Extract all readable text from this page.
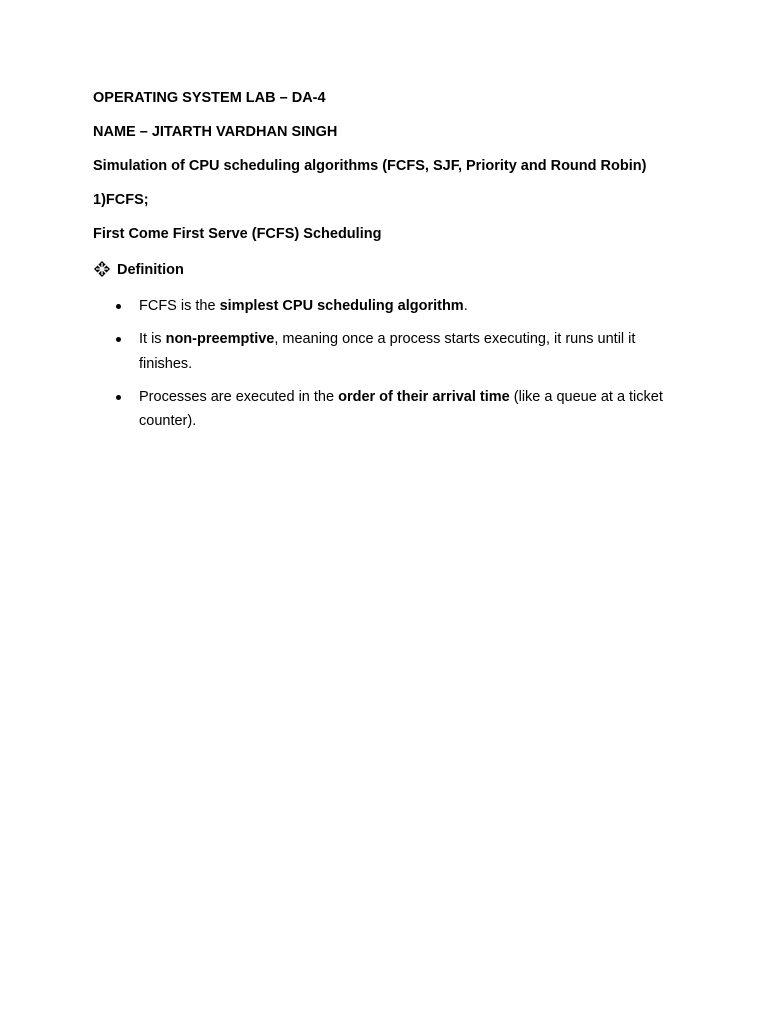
OPERATING SYSTEM LAB – DA-4
NAME – JITARTH VARDHAN SINGH
Simulation of CPU scheduling algorithms (FCFS, SJF, Priority and Round Robin)
1)FCFS;
First Come First Serve (FCFS) Scheduling
Definition
FCFS is the simplest CPU scheduling algorithm.
It is non-preemptive, meaning once a process starts executing, it runs until it finishes.
Processes are executed in the order of their arrival time (like a queue at a ticket counter).
